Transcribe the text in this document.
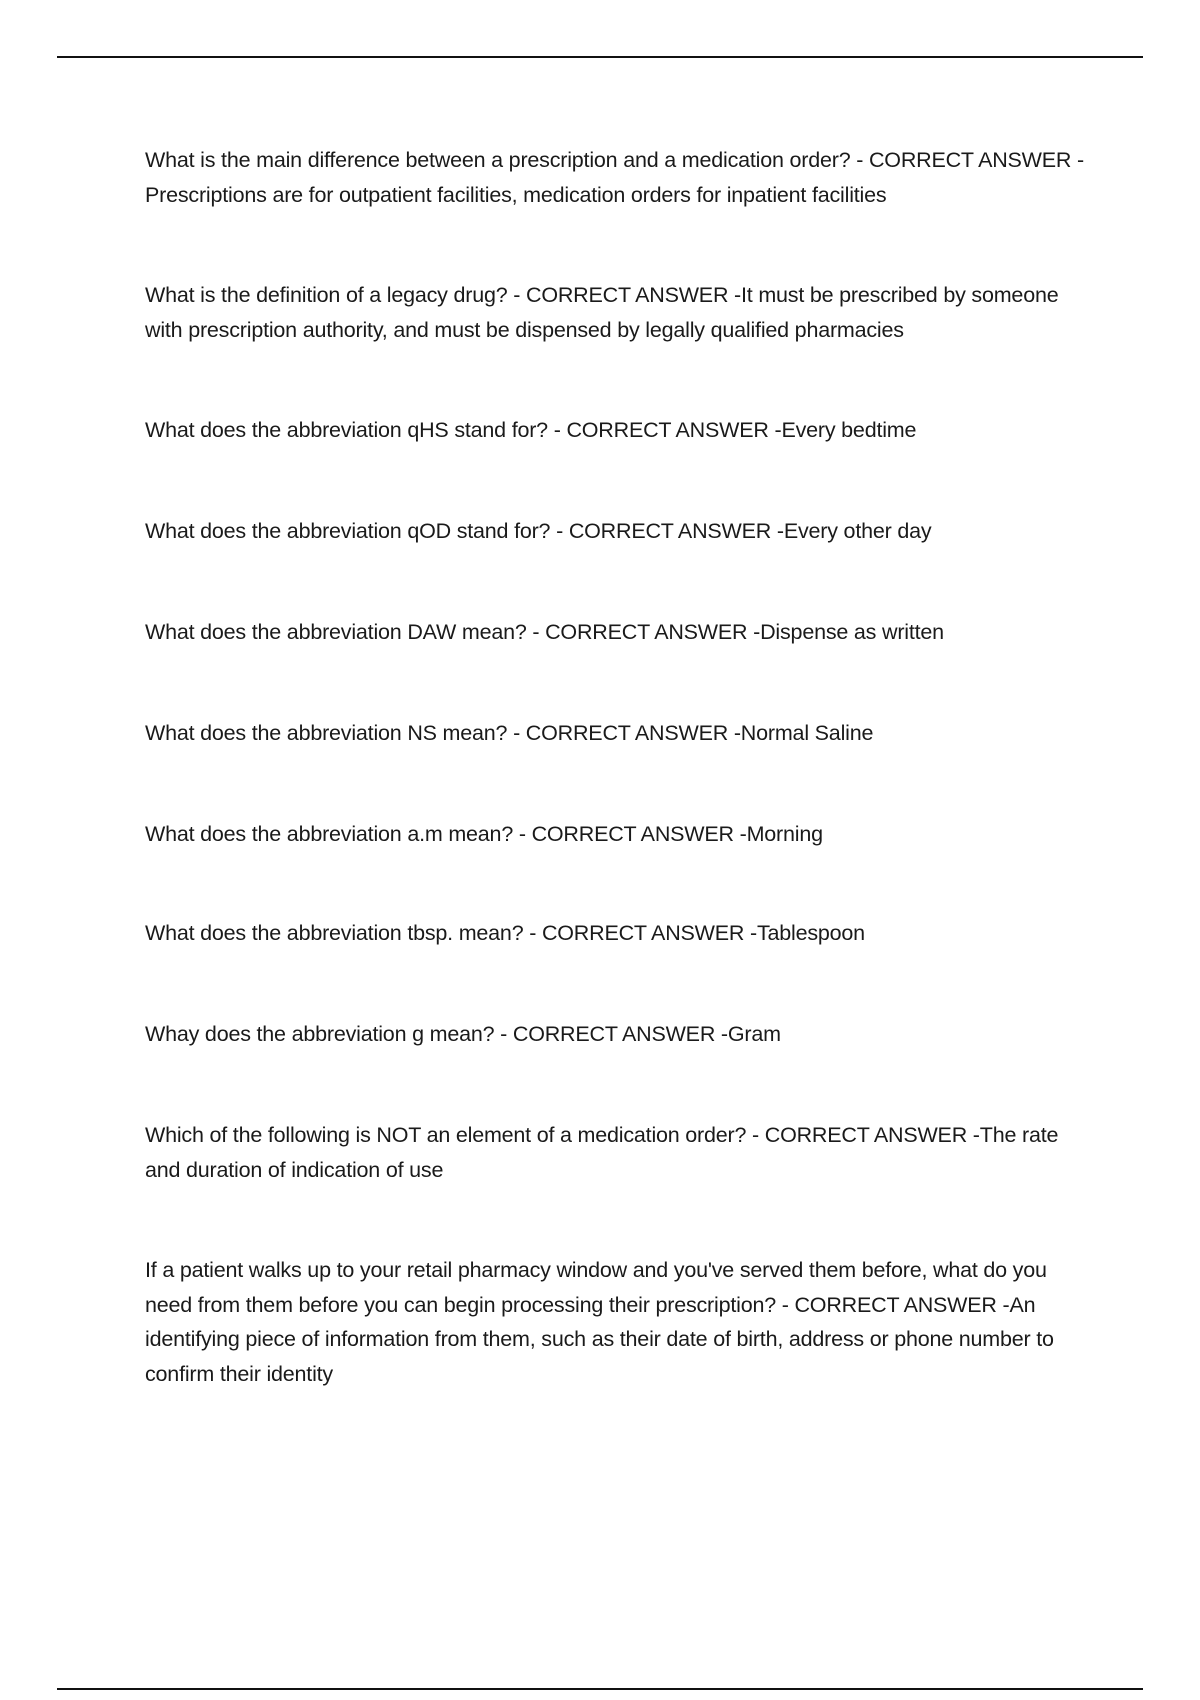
What is the main difference between a prescription and a medication order? - CORRECT ANSWER -Prescriptions are for outpatient facilities, medication orders for inpatient facilities

What is the definition of a legacy drug? - CORRECT ANSWER -It must be prescribed by someone with prescription authority, and must be dispensed by legally qualified pharmacies

What does the abbreviation qHS stand for? - CORRECT ANSWER -Every bedtime

What does the abbreviation qOD stand for? - CORRECT ANSWER -Every other day

What does the abbreviation DAW mean? - CORRECT ANSWER -Dispense as written

What does the abbreviation NS mean? - CORRECT ANSWER -Normal Saline

What does the abbreviation a.m mean? - CORRECT ANSWER -Morning

What does the abbreviation tbsp. mean? - CORRECT ANSWER -Tablespoon

Whay does the abbreviation g mean? - CORRECT ANSWER -Gram

Which of the following is NOT an element of a medication order? - CORRECT ANSWER -The rate and duration of indication of use

If a patient walks up to your retail pharmacy window and you've served them before, what do you need from them before you can begin processing their prescription? - CORRECT ANSWER -An identifying piece of information from them, such as their date of birth, address or phone number to confirm their identity
